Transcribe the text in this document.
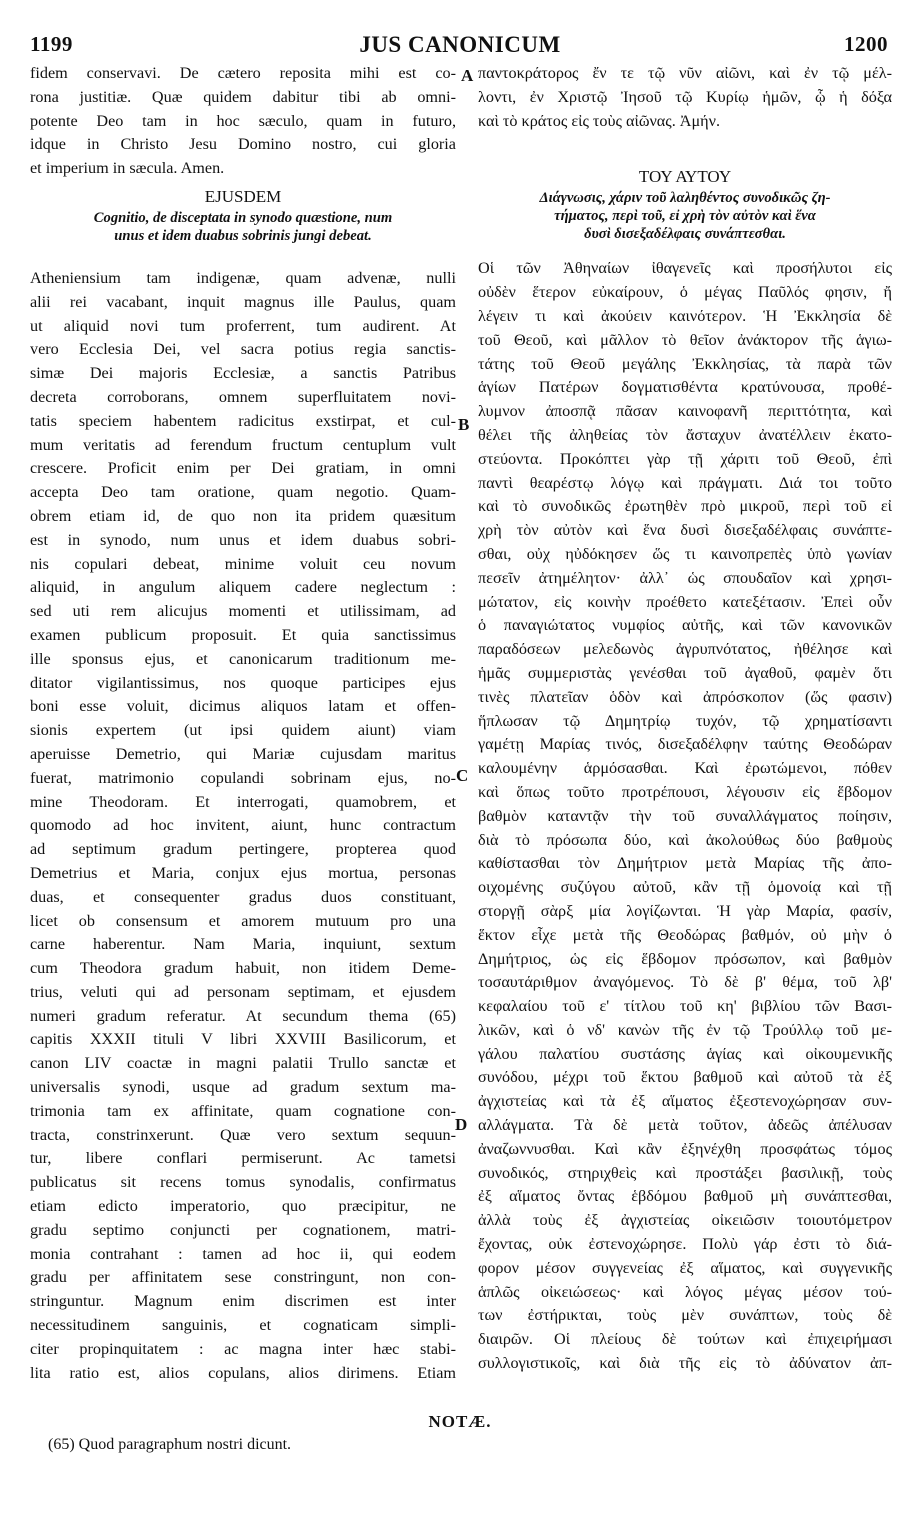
1199	JUS CANONICUM	1200
fidem conservavi. De cætero reposita mihi est co-
rona justitiæ. Quæ quidem dabitur tibi ab omni-
potente Deo tam in hoc sæculo, quam in futuro,
idque in Christo Jesu Domino nostro, cui gloria
et imperium in sæcula. Amen.
EJUSDEM
Cognitio, de disceptata in synodo quæstione, num
unus et idem duabus sobrinis jungi debeat.
Atheniensium tam indigenæ, quam advenæ, nulli
alii rei vacabant, inquit magnus ille Paulus, quam
ut aliquid novi tum proferrent, tum audirent. At
vero Ecclesia Dei, vel sacra potius regia sanctis-
simæ Dei majoris Ecclesiæ, a sanctis Patribus
decreta corroborans, omnem superfluitatem novi-
tatis speciem habentem radicitus exstirpat, et cul-
mum veritatis ad ferendum fructum centuplum vult
crescere. Proficit enim per Dei gratiam, in omni
accepta Deo tam oratione, quam negotio. Quam-
obrem etiam id, de quo non ita pridem quæsitum
est in synodo, num unus et idem duabus sobri-
nis copulari debeat, minime voluit ceu novum
aliquid, in angulum aliquem cadere neglectum :
sed uti rem alicujus momenti et utilissimam, ad
examen publicum proposuit. Et quia sanctissimus
ille sponsus ejus, et canonicarum traditionum me-
ditator vigilantissimus, nos quoque participes ejus
boni esse voluit, dicimus aliquos latam et offen-
sionis expertem (ut ipsi quidem aiunt) viam
aperuisse Demetrio, qui Mariæ cujusdam maritus
fuerat, matrimonio copulandi sobrinam ejus, no-
mine Theodoram. Et interrogati, quamobrem, et
quomodo ad hoc invitent, aiunt, hunc contractum
ad septimum gradum pertingere, propterea quod
Demetrius et Maria, conjux ejus mortua, personas
duas, et consequenter gradus duos constituant,
licet ob consensum et amorem mutuum pro una
carne haberentur. Nam Maria, inquiunt, sextum
cum Theodora gradum habuit, non itidem Deme-
trius, veluti qui ad personam septimam, et ejusdem
numeri gradum referatur. At secundum thema (65)
capitis XXXII tituli V libri XXVIII Basilicorum, et
canon LIV coactæ in magni palatii Trullo sanctæ et
universalis synodi, usque ad gradum sextum ma-
trimonia tam ex affinitate, quam cognatione con-
tracta, constrinxerunt. Quæ vero sextum sequun-
tur, libere conflari permiserunt. Ac tametsi
publicatus sit recens tomus synodalis, confirmatus
etiam edicto imperatorio, quo præcipitur, ne
gradu septimo conjuncti per cognationem, matri-
monia contrahant : tamen ad hoc ii, qui eodem
gradu per affinitatem sese constringunt, non con-
stringuntur. Magnum enim discrimen est inter
necessitudinem sanguinis, et cognaticam simpli-
citer propinquitatem : ac magna inter hæc stabi-
lita ratio est, alios copulans, alios dirimens. Etiam
παντοκράτορος ἔν τε τῷ νῦν αἰῶνι, καὶ ἐν τῷ μέλ-
λοντι, ἐν Χριστῷ Ἰησοῦ τῷ Κυρίῳ ἡμῶν, ᾧ ἡ δόξα
καὶ τὸ κράτος εἰς τοὺς αἰῶνας. Ἀμήν.
ΤΟΥ ΑΥΤΟΥ
Διάγνωσις, χάριν τοῦ λαληθέντος συνοδικῶς ζη-
τήματος, περὶ τοῦ, εἰ χρὴ τὸν αὐτὸν καὶ ἕνα
δυσὶ δισεξαδέλφαις συνάπτεσθαι.
Οἱ τῶν Ἀθηναίων ἰθαγενεῖς καὶ προσήλυτοι εἰς
οὐδὲν ἕτερον εὐκαίρουν, ὁ μέγας Παῦλός φησιν, ἤ
λέγειν τι καὶ ἀκούειν καινότερον. Ἡ Ἐκκλησία δὲ
τοῦ Θεοῦ, καὶ μᾶλλον τὸ θεῖον ἀνάκτορον τῆς ἁγιω-
τάτης τοῦ Θεοῦ μεγάλης Ἐκκλησίας, τὰ παρὰ τῶν
ἁγίων Πατέρων δογματισθέντα κρατύνουσα, προθέ-
λυμνον ἀποσπᾷ πᾶσαν καινοφανῆ περιττότητα, καὶ
θέλει τῆς ἀληθείας τὸν ἄσταχυν ἀνατέλλειν ἑκατο-
στεύοντα. Προκόπτει γὰρ τῇ χάριτι τοῦ Θεοῦ, ἐπὶ
παντὶ θεαρέστῳ λόγῳ καὶ πράγματι. Διά τοι τοῦτο
καὶ τὸ συνοδικῶς ἐρωτηθὲν πρὸ μικροῦ, περὶ τοῦ εἰ
χρὴ τὸν αὐτὸν καὶ ἕνα δυσὶ δισεξαδέλφαις συνάπτε-
σθαι, οὐχ ηὐδόκησεν ὥς τι καινοπρεπὲς ὑπὸ γωνίαν
πεσεῖν ἀτημέλητον· ἀλλ᾽ ὡς σπουδαῖον καὶ χρησι-
μώτατον, εἰς κοινὴν προέθετο κατεξέτασιν. Ἐπεὶ οὖν
ὁ παναγιώτατος νυμφίος αὐτῆς, καὶ τῶν κανονικῶν
παραδόσεων μελεδωνὸς ἀγρυπνότατος, ἠθέλησε καὶ
ἡμᾶς συμμεριστὰς γενέσθαι τοῦ ἀγαθοῦ, φαμὲν ὅτι
τινὲς πλατεῖαν ὁδὸν καὶ ἀπρόσκοπον (ὥς φασιν)
ἥπλωσαν τῷ Δημητρίῳ τυχόν, τῷ χρηματίσαντι
γαμέτῃ Μαρίας τινός, δισεξαδέλφην ταύτης Θεοδώραν
καλουμένην ἁρμόσασθαι. Καὶ ἐρωτώμενοι, πόθεν
καὶ ὅπως τοῦτο προτρέπουσι, λέγουσιν εἰς ἕβδομον
βαθμὸν καταντᾷν τὴν τοῦ συναλλάγματος ποίησιν,
διὰ τὸ πρόσωπα δύο, καὶ ἀκολούθως δύο βαθμοὺς
καθίστασθαι τὸν Δημήτριον μετὰ Μαρίας τῆς ἀπο-
οιχομένης συζύγου αὐτοῦ, κἂν τῇ ὁμονοίᾳ καὶ τῇ
στοργῇ σὰρξ μία λογίζωνται. Ἡ γὰρ Μαρία, φασίν,
ἕκτον εἶχε μετὰ τῆς Θεοδώρας βαθμόν, οὐ μὴν ὁ
Δημήτριος, ὡς εἰς ἕβδομον πρόσωπον, καὶ βαθμὸν
τοσαυτάριθμον ἀναγόμενος. Τὸ δὲ β' θέμα, τοῦ λβ'
κεφαλαίου τοῦ ε' τίτλου τοῦ κη' βιβλίου τῶν Βασι-
λικῶν, καὶ ὁ νδ' κανὼν τῆς ἐν τῷ Τρούλλῳ τοῦ με-
γάλου παλατίου συστάσης ἁγίας καὶ οἰκουμενικῆς
συνόδου, μέχρι τοῦ ἕκτου βαθμοῦ καὶ αὐτοῦ τὰ ἐξ
ἀγχιστείας καὶ τὰ ἐξ αἵματος ἐξεστενοχώρησαν συν-
αλλάγματα. Τὰ δὲ μετὰ τοῦτον, ἀδεῶς ἀπέλυσαν
ἀναζωννυσθαι. Καὶ κἂν ἐξηνέχθη προσφάτως τόμος
συνοδικός, στηριχθεὶς καὶ προστάξει βασιλικῇ, τοὺς
ἐξ αἵματος ὄντας ἑβδόμου βαθμοῦ μὴ συνάπτεσθαι,
ἀλλὰ τοὺς ἐξ ἀγχιστείας οἰκειῶσιν τοιουτόμετρον
ἔχοντας, οὐκ ἐστενοχώρησε. Πολὺ γάρ ἐστι τὸ διά-
φορον μέσον συγγενείας ἐξ αἵματος, καὶ συγγενικῆς
ἁπλῶς οἰκειώσεως· καὶ λόγος μέγας μέσον τού-
των ἐστήρικται, τοὺς μὲν συνάπτων, τοὺς δὲ
διαιρῶν. Οἱ πλείους δὲ τούτων καὶ ἐπιχειρήμασι
συλλογιστικοῖς, καὶ διὰ τῆς εἰς τὸ ἀδύνατον ἀπ-
A
B
C
D
NOTÆ.
(65) Quod paragraphum nostri dicunt.
